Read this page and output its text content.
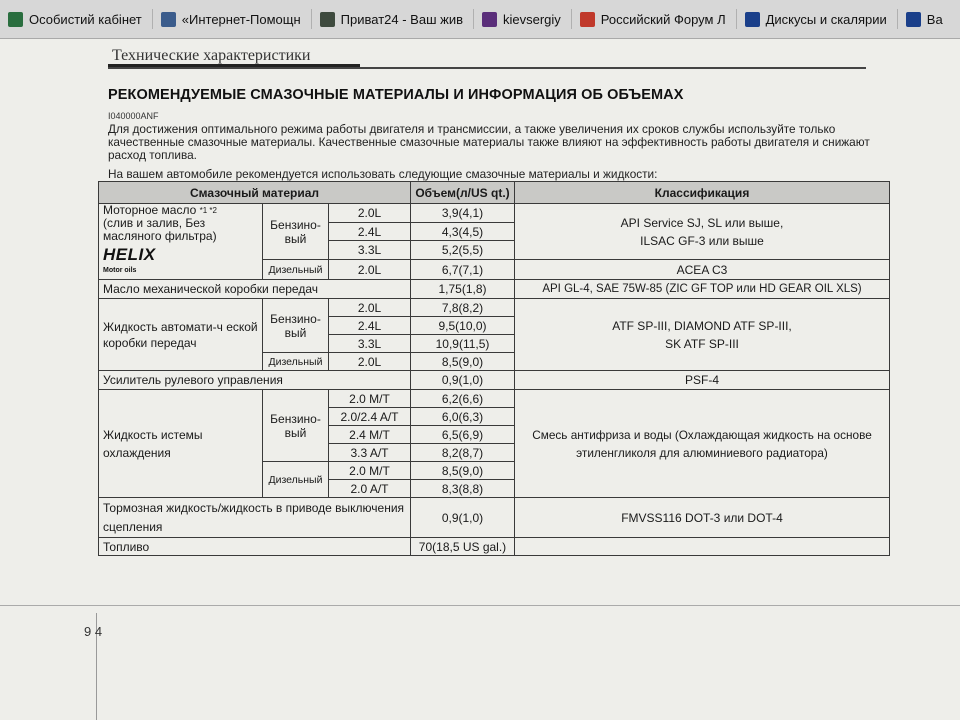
Особистий кабінет	«Интернет-Помощн	Приват24 - Ваш жив	kievsergiy	Российский Форум Л	Дискусы и скалярии	Ва
Технические характеристики
РЕКОМЕНДУЕМЫЕ СМАЗОЧНЫЕ МАТЕРИАЛЫ И ИНФОРМАЦИЯ ОБ ОБЪЕМАХ
I040000ANF
Для достижения оптимального режима работы двигателя и трансмиссии, а также увеличения их сроков службы используйте только качественные смазочные материалы. Качественные смазочные материалы также влияют на эффективность работы двигателя и снижают расход топлива.
На вашем автомобиле рекомендуется использовать следующие смазочные материалы и жидкости:
Смазочный материал			Объем(л/US qt.)	Классификация
Моторное масло $^{*1 *2}$
(слив и залив, Без масляного фильтра)
HELIX
Motor oils	Бензино-вый	2.0L	3,9(4,1)	API Service SJ, SL или выше,
ILSAC GF-3 или выше
		2.4L	4,3(4,5)	
		3.3L	5,2(5,5)	
	Дизельный	2.0L	6,7(7,1)	ACEA C3
Масло механической коробки передач			1,75(1,8)	API GL-4, SAE 75W-85 (ZIC GF TOP или HD GEAR OIL XLS)
Жидкость автомати-ч еской коробки передач	Бензино-вый	2.0L	7,8(8,2)	ATF SP-III, DIAMOND ATF SP-III,
SK ATF SP-III
		2.4L	9,5(10,0)	
		3.3L	10,9(11,5)	
	Дизельный	2.0L	8,5(9,0)	
Усилитель рулевого управления			0,9(1,0)	PSF-4
Жидкость истемы охлаждения	Бензино-вый	2.0 M/T	6,2(6,6)	Смесь антифриза и воды (Охлаждающая жидкость на основе этиленгликоля для алюминиевого радиатора)
		2.0/2.4 A/T	6,0(6,3)	
		2.4 M/T	6,5(6,9)	
		3.3 A/T	8,2(8,7)	
	Дизельный	2.0 M/T	8,5(9,0)	
		2.0 A/T	8,3(8,8)	
Тормозная жидкость/жидкость в приводе выключения сцепления			0,9(1,0)	FMVSS116 DOT-3 или DOT-4
Топливо			70(18,5 US gal.)	
9 4
